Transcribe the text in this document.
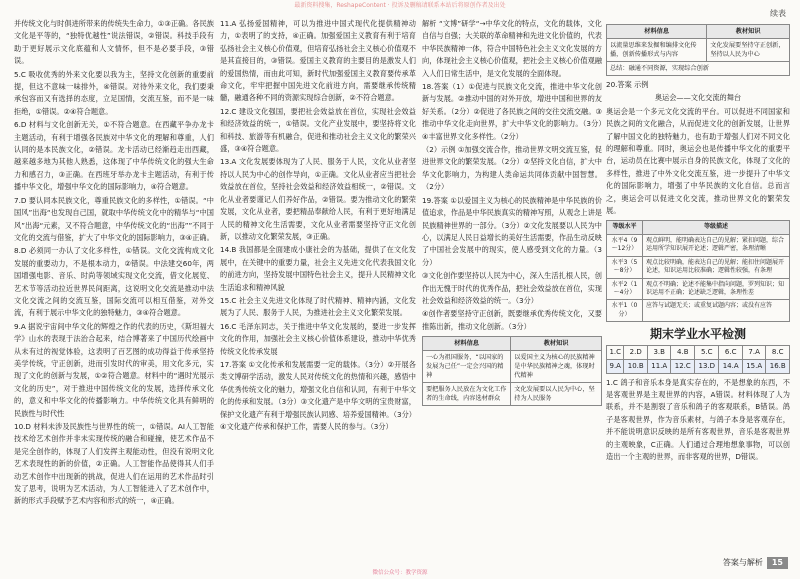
最新资料搜集，ReshapeContent · 投诉及删稿请联系本站后将原创作者及出处
续表

并传统文化与时俱进所带来的传统失生命力，①③正确。各民族文化是平等的，“独特优越性”说法错误，②错误。科技手段有助于更好展示文化底蕴和人文情怀，但不是必要手段，③错误。

5.C 吸收优秀的外来文化要以我为主，坚持文化创新的重要前提，但这不意味一味排外，④错误。对待外来文化，我们要秉承包容而又有选择的态度，立足国情，交流互鉴，而不是一味拒绝，①错误。②④符合题意。

6.D 材料与文化创新无关，①不符合题意。在西藏平争办龙卡主题活动，有利于增强各民族对中华文化的理解和尊重，人们认同的是本民族文化，②错误。龙卡活动已经渐趋走出西藏，越来越多地为其他人熟悉，这体现了中华传统文化的强大生命力和感召力，③正确。在西班牙举办龙卡主题活动，有利于传播中华文化，增强中华文化的国际影响力，④符合题意。

7.D 要认同本民族文化，尊重民族文化的多样性，①错误。“中国风”出海“也发现自己国，就取中华传统文化中的精华与“中国风”出海“元素，又不符合题意，中华传统文化的“出海””不同于文化的交流与借鉴，扩大了中华文化的国际影响力，③④正确。

8.D 必须同一办认了文化多样性，①错误。文化交流构成文化发展的重要动力，不是根本动力，②错误。中法建交60年，两国增强电影、音乐、时尚等领域实现文化交流，借文化展览、艺术节等活动拉近世界民间距离，这说明文化交流是推动中法文化交流之间的交流互鉴，国际交流可以相互借鉴，对外交流，有利于展示中华文化的独特魅力，③④符合题意。

9.A 据说宇宙间中华文化的辉煌之作的代表的历史，《斯坦福大学》山水的表现于法治合起来，结合博著来了中国历代绘画中从未有过的视觉体验，这表明了百艺图的成功得益于传承坚持美学传统，守正创新，进而引发时代的审美，用文化多元，实现了文化的创新与发展，①②符合题意。材料中的“遇时光展示文化的历史”，对于推进中国传统文化的发展，选择传承文化的，意义和中华文化的传播影响力。中华传统文化具有鲜明的民族性与时代性

10.D 材料未涉及民族性与世界性的统一，①错误。AI人工智能技术给艺术创作并非未实现传统的融合和碰撞，使艺术作品不是完全创作的，体现了人们发挥主观能动性，但没有说明文化艺术表现性的新的价值，②正确。人工智能作品使得其人们手动艺术创作中出现新的挑战，促进人们在运用的艺术作品时引发了思考，说明为艺术活动，为人工智能进入了艺术创作中，新的形式手段赋予艺术内容和形式的统一，④正确。

11.A 弘扬爱国精神，可以为推进中国式现代化提供精神动力，①表明了的支持，④正确。加强爱国主义教育有利于培育弘扬社会主义核心价值观，但培育弘扬社会主义核心价值观不是其直接目的，③错误。爱国主义教育的主要目的是激发人们的爱国热情，而由此可知，新时代加强爱国主义教育要传承革命文化，牢牢把握中国先进文化前进方向，需要继承传统精髓，融通各种不同的资源实现综合创新，②不符合题意。

12.C 建设文化强国，要把社会效益放在首位，实现社会效益和经济效益的统一，①错误。文化产业发展中，要坚持将文化和科技、旅游等有机融合，促进和推动社会主义文化的繁荣兴盛，③④符合题意。

13.A 文化发展要体现为了人民、服务于人民，文化从业者坚持以人民为中心的创作导向，①正确。文化从业者应当把社会效益放在首位，坚持社会效益和经济效益相统一，②错误。文化从业者要谨记人们养好作品，②错误。要为推动文化的繁荣发展，文化从业者，要把精品奉献给人民，有利于更好地满足人民的精神文化生活需要，文化从业者需要坚持守正文化创新，以推动文化繁荣发展，③正确。

14.B 我国都是全面建成小康社会的为基础，提供了在文化发展中，在关键中的重要力量，社会主义先进文化代表我国文化的前进方向，坚持发展中国特色社会主义，提升人民精神文化生活追求和精神风貌

15.C 社会主义先进文化体现了时代精神、精神内涵，文化发展为了人民、服务于人民，为推进社会主义文化繁荣发展。

16.C 毛泽东同志，关于推进中华文化发展的，要进一步发挥文化的作用，加强社会主义核心价值体系建设，推动中华优秀传统文化传承发展

17.答案 ①文化传承和发展需要一定的载体。（3分）②开展各类文博研学活动，激发人民对传统文化的热情和兴趣，感悟中华优秀传统文化的魅力，增强文化自信和认同，有利于中华文化的传承和发展。（3分）③文化遗产是中华文明的宝贵财富，保护文化遗产有利于增强民族认同感、培养爱国精神。（3分）④文化遗产传承和保护工作，需要人民的参与。（3分）

解析 “文博”研学“→中华文化的特点，文化的载体，文化自信与自强；大关联的革命精神和先进文化价值的，代表中华民族精神一体，符合中国特色社会主义文化发展的方向，体现社会主义核心价值观，把社会主义核心价值观融入人们日常生活中，是文化发展的全面体现。

18.答案（1）①促进与民族文化交流，推进中华文化创新与发展。②推动中国的对外开放，增进中国和世界的友好关系。（2分）②促进了各民族之间的交往交流交融。③推动中华文化走向世界，扩大中华文化的影响力。（3分）④丰富世界文化多样性。（2分）

（2）示例 ①加强交流合作，推动世界文明交流互鉴，促进世界文化的繁荣发展。（2分）②坚持文化自信，扩大中华文化影响力，为构建人类命运共同体贡献中国智慧。（2分）

19.答案 ①以爱国主义为核心的民族精神是中华民族的价值追求，作品是中华民族真实的精神写照，从观念上讲是民族精神世界的一部分。（3分）②文化发展要以人民为中心，以满足人民日益增长的美好生活需要，作品生动反映了中国社会发展中的现实，使人感受到文化的力量。（3分）

③文化创作要坚持以人民为中心，深入生活扎根人民，创作出无愧于时代的优秀作品，把社会效益放在首位，实现社会效益和经济效益的统一。（3分）

④创作者要坚持守正创新，既要继承优秀传统文化，又要推陈出新，推动文化创新。（3分）

材料信息	教材知识
一心为祖国服务，“以国家的发展为己任”一定会兴国的精神	以爱国主义为核心的民族精神是中华民族精神之魂，体现时代精神
要把服务人民放在为文化工作者的生命线，内容选材群众	文化发展要以人民为中心，坚持为人民服务
材料信息	教材知识
以流量思维来发掘和编排文化传播，创新传播形式与内容	文化发展要坚持守正创新，坚持以人民为中心
总结：融通不同资源，实现综合创新	

20.答案 示例

奥运会——文化交流的舞台

奥运会是一个多元文化交流的平台。可以促进不同国家和民族之间的文化融合，从而促进文化的创新发展，让世界了解中国文化的独特魅力，也有助于增强人们对不同文化的理解和尊重。同时，奥运会也是传播中华文化的重要平台，运动员在比赛中展示自身的民族文化，体现了文化的多样性，推进了中外文化交流互鉴，进一步提升了中华文化的国际影响力，增强了中华民族的文化自信。总而言之，奥运会可以促进文化交流，推动世界文化的繁荣发展。

等级水平	等级描述
水平4（9～12分）	观点鲜明，能明确表达自己的见解；紧扣问题，综合运用所学知识展开论述；逻辑严密，条理清晰
水平3（5～8分）	观点比较明确，能表达自己的见解；能扣住问题展开论述，知识运用比较准确；逻辑性较强，有条理
水平2（1～4分）	观点不明确；论述不能集中指向问题，罗列知识；知识运用不正确；论述缺乏逻辑，条理性差
水平1（0分）	应答与试题无关；或重复试题内容；或没有应答
期末学业水平检测
1.C	2.D	3.B	4.B	5.C	6.C	7.A	8.C
9.A	10.B	11.A	12.C	13.D	14.A	15.A	16.B

1.C 鸽子和音乐本身是真实存在的，不是想象的东西，不是客观世界是主观世界的内容，A错误。材料体现了人为联系，并不是割裂了音乐和鸽子的客观联系，B错误。鸽子是客观世界，作为音乐素材，与鸽子本身是客观存在，并不能说明意识反映的是所有客观世界，音乐是客观世界的主观映象，C正确。人们通过合理地想象事物，可以创造出一个主观的世界，而非客观的世界，D错误。

答案与解析	15
微信公众号：教学资源
